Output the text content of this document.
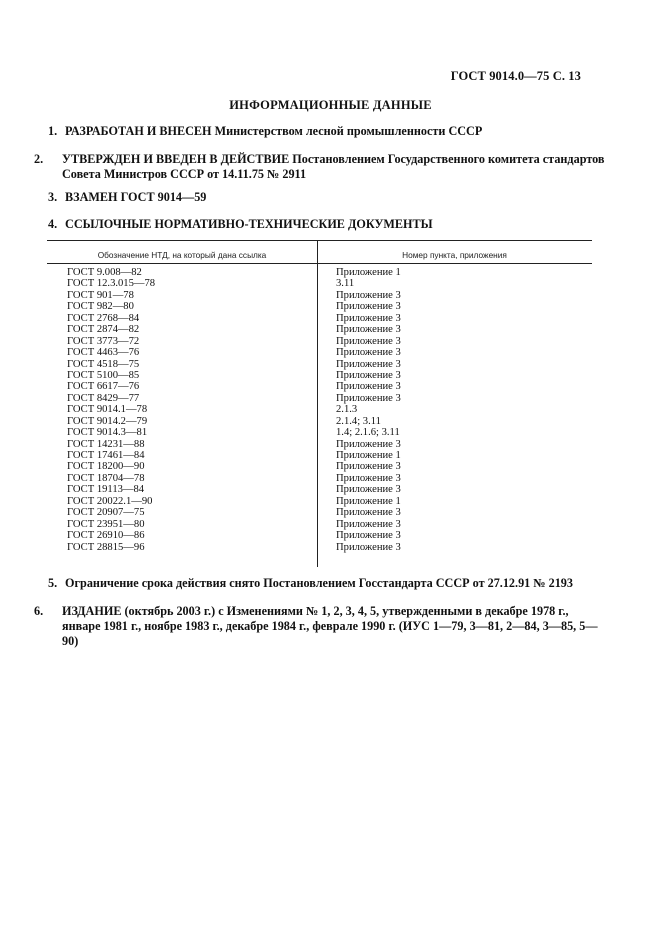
ГОСТ 9014.0—75 С. 13
ИНФОРМАЦИОННЫЕ ДАННЫЕ
1. РАЗРАБОТАН И ВНЕСЕН Министерством лесной промышленности СССР
2. УТВЕРЖДЕН И ВВЕДЕН В ДЕЙСТВИЕ Постановлением Государственного комитета стандартов Совета Министров СССР от 14.11.75 № 2911
3. ВЗАМЕН ГОСТ 9014—59
4. ССЫЛОЧНЫЕ НОРМАТИВНО-ТЕХНИЧЕСКИЕ ДОКУМЕНТЫ
Обозначение НТД, на который дана ссылка	Номер пункта, приложения
ГОСТ 9.008—82
ГОСТ 12.3.015—78
ГОСТ 901—78
ГОСТ 982—80
ГОСТ 2768—84
ГОСТ 2874—82
ГОСТ 3773—72
ГОСТ 4463—76
ГОСТ 4518—75
ГОСТ 5100—85
ГОСТ 6617—76
ГОСТ 8429—77
ГОСТ 9014.1—78
ГОСТ 9014.2—79
ГОСТ 9014.3—81
ГОСТ 14231—88
ГОСТ 17461—84
ГОСТ 18200—90
ГОСТ 18704—78
ГОСТ 19113—84
ГОСТ 20022.1—90
ГОСТ 20907—75
ГОСТ 23951—80
ГОСТ 26910—86
ГОСТ 28815—96
Приложение 1
3.11
Приложение 3
Приложение 3
Приложение 3
Приложение 3
Приложение 3
Приложение 3
Приложение 3
Приложение 3
Приложение 3
Приложение 3
2.1.3
2.1.4; 3.11
1.4; 2.1.6; 3.11
Приложение 3
Приложение 1
Приложение 3
Приложение 3
Приложение 3
Приложение 1
Приложение 3
Приложение 3
Приложение 3
Приложение 3
5. Ограничение срока действия снято Постановлением Госстандарта СССР от 27.12.91 № 2193
6. ИЗДАНИЕ (октябрь 2003 г.) с Изменениями № 1, 2, 3, 4, 5, утвержденными в декабре 1978 г., январе 1981 г., ноябре 1983 г., декабре 1984 г., феврале 1990 г. (ИУС 1—79, 3—81, 2—84, 3—85, 5—90)
